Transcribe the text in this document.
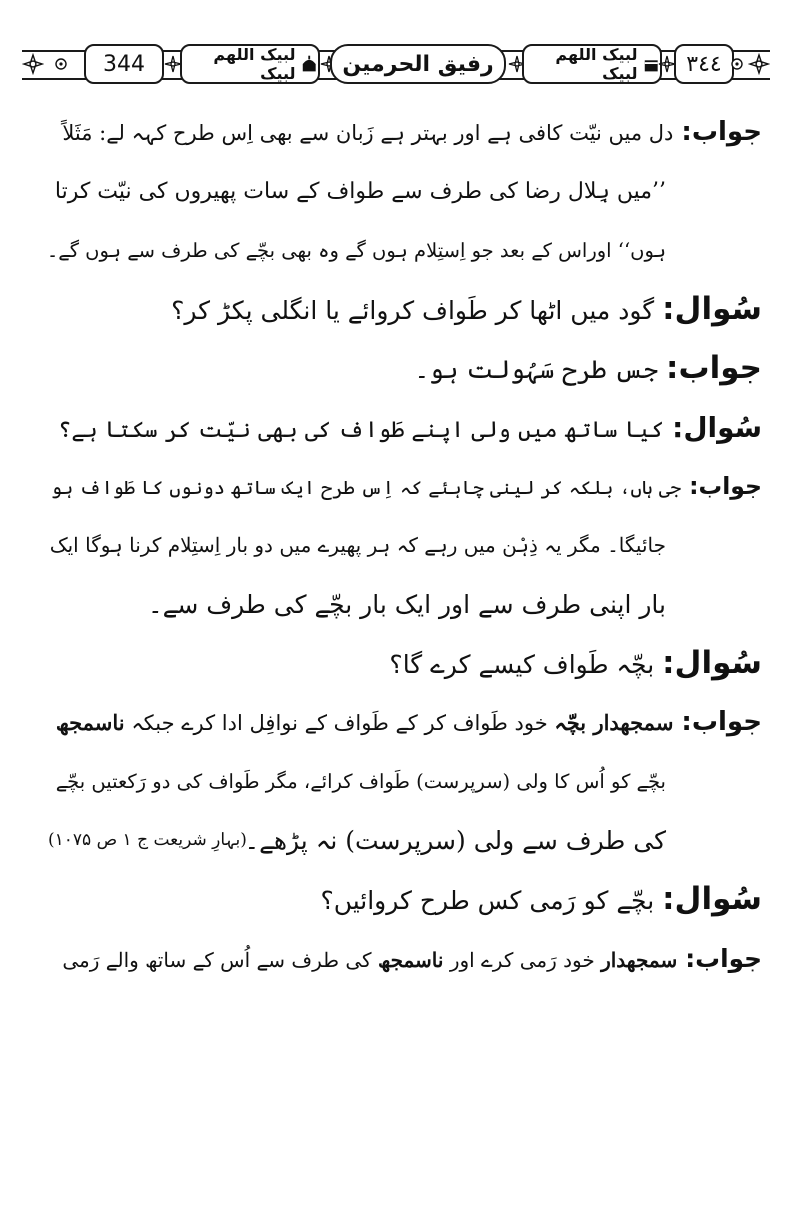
344	لبیک اللهم لبیک رفیق الحرمین	لبیک اللهم لبیک ٣٤٤
جواب:دل میں نیّت کافی ہے اور بہتر ہے زَبان سے بھی اِس طرح کہہ لے: مَثَلاً
’’میں ہِلال رضا کی طرف سے طواف کے سات پھیروں کی نیّت کرتا
ہوں‘‘ اوراس کے بعد جو اِستِلام ہوں گے وہ بھی بچّے کی طرف سے ہوں گے۔
سُوال:گود میں اٹھا کر طَواف کروائے یا انگلی پکڑ کر؟
جواب:جس طرح سَہُولت ہو۔
سُوال:کیا ساتھ میں ولی اپنے طَواف کی بھی نیّت کر سکتا ہے؟
جواب:جی ہاں، بلکہ کر لینی چاہئے کہ اِس طرح ایک ساتھ دونوں کا طَواف ہو
جائیگا۔ مگر یہ ذِہْن میں رہے کہ ہر پھیرے میں دو بار اِستِلام کرنا ہوگا ایک
بار اپنی طرف سے اور ایک بار بچّے کی طرف سے۔
سُوال:بچّہ طَواف کیسے کرے گا؟
جواب:سمجھدار بچّہ خود طَواف کر کے طَواف کے نوافِل ادا کرے جبکہ ناسمجھ
بچّے کو اُس کا ولی (سرپرست) طَواف کرائے، مگر طَواف کی دو رَکعتیں بچّے
کی طرف سے ولی (سرپرست) نہ پڑھے۔
(بہارِ شریعت ج ۱ ص ۱۰۷۵)
سُوال:بچّے کو رَمی کس طرح کروائیں؟
جواب:سمجھدار خود رَمی کرے اور ناسمجھ کی طرف سے اُس کے ساتھ والے رَمی
